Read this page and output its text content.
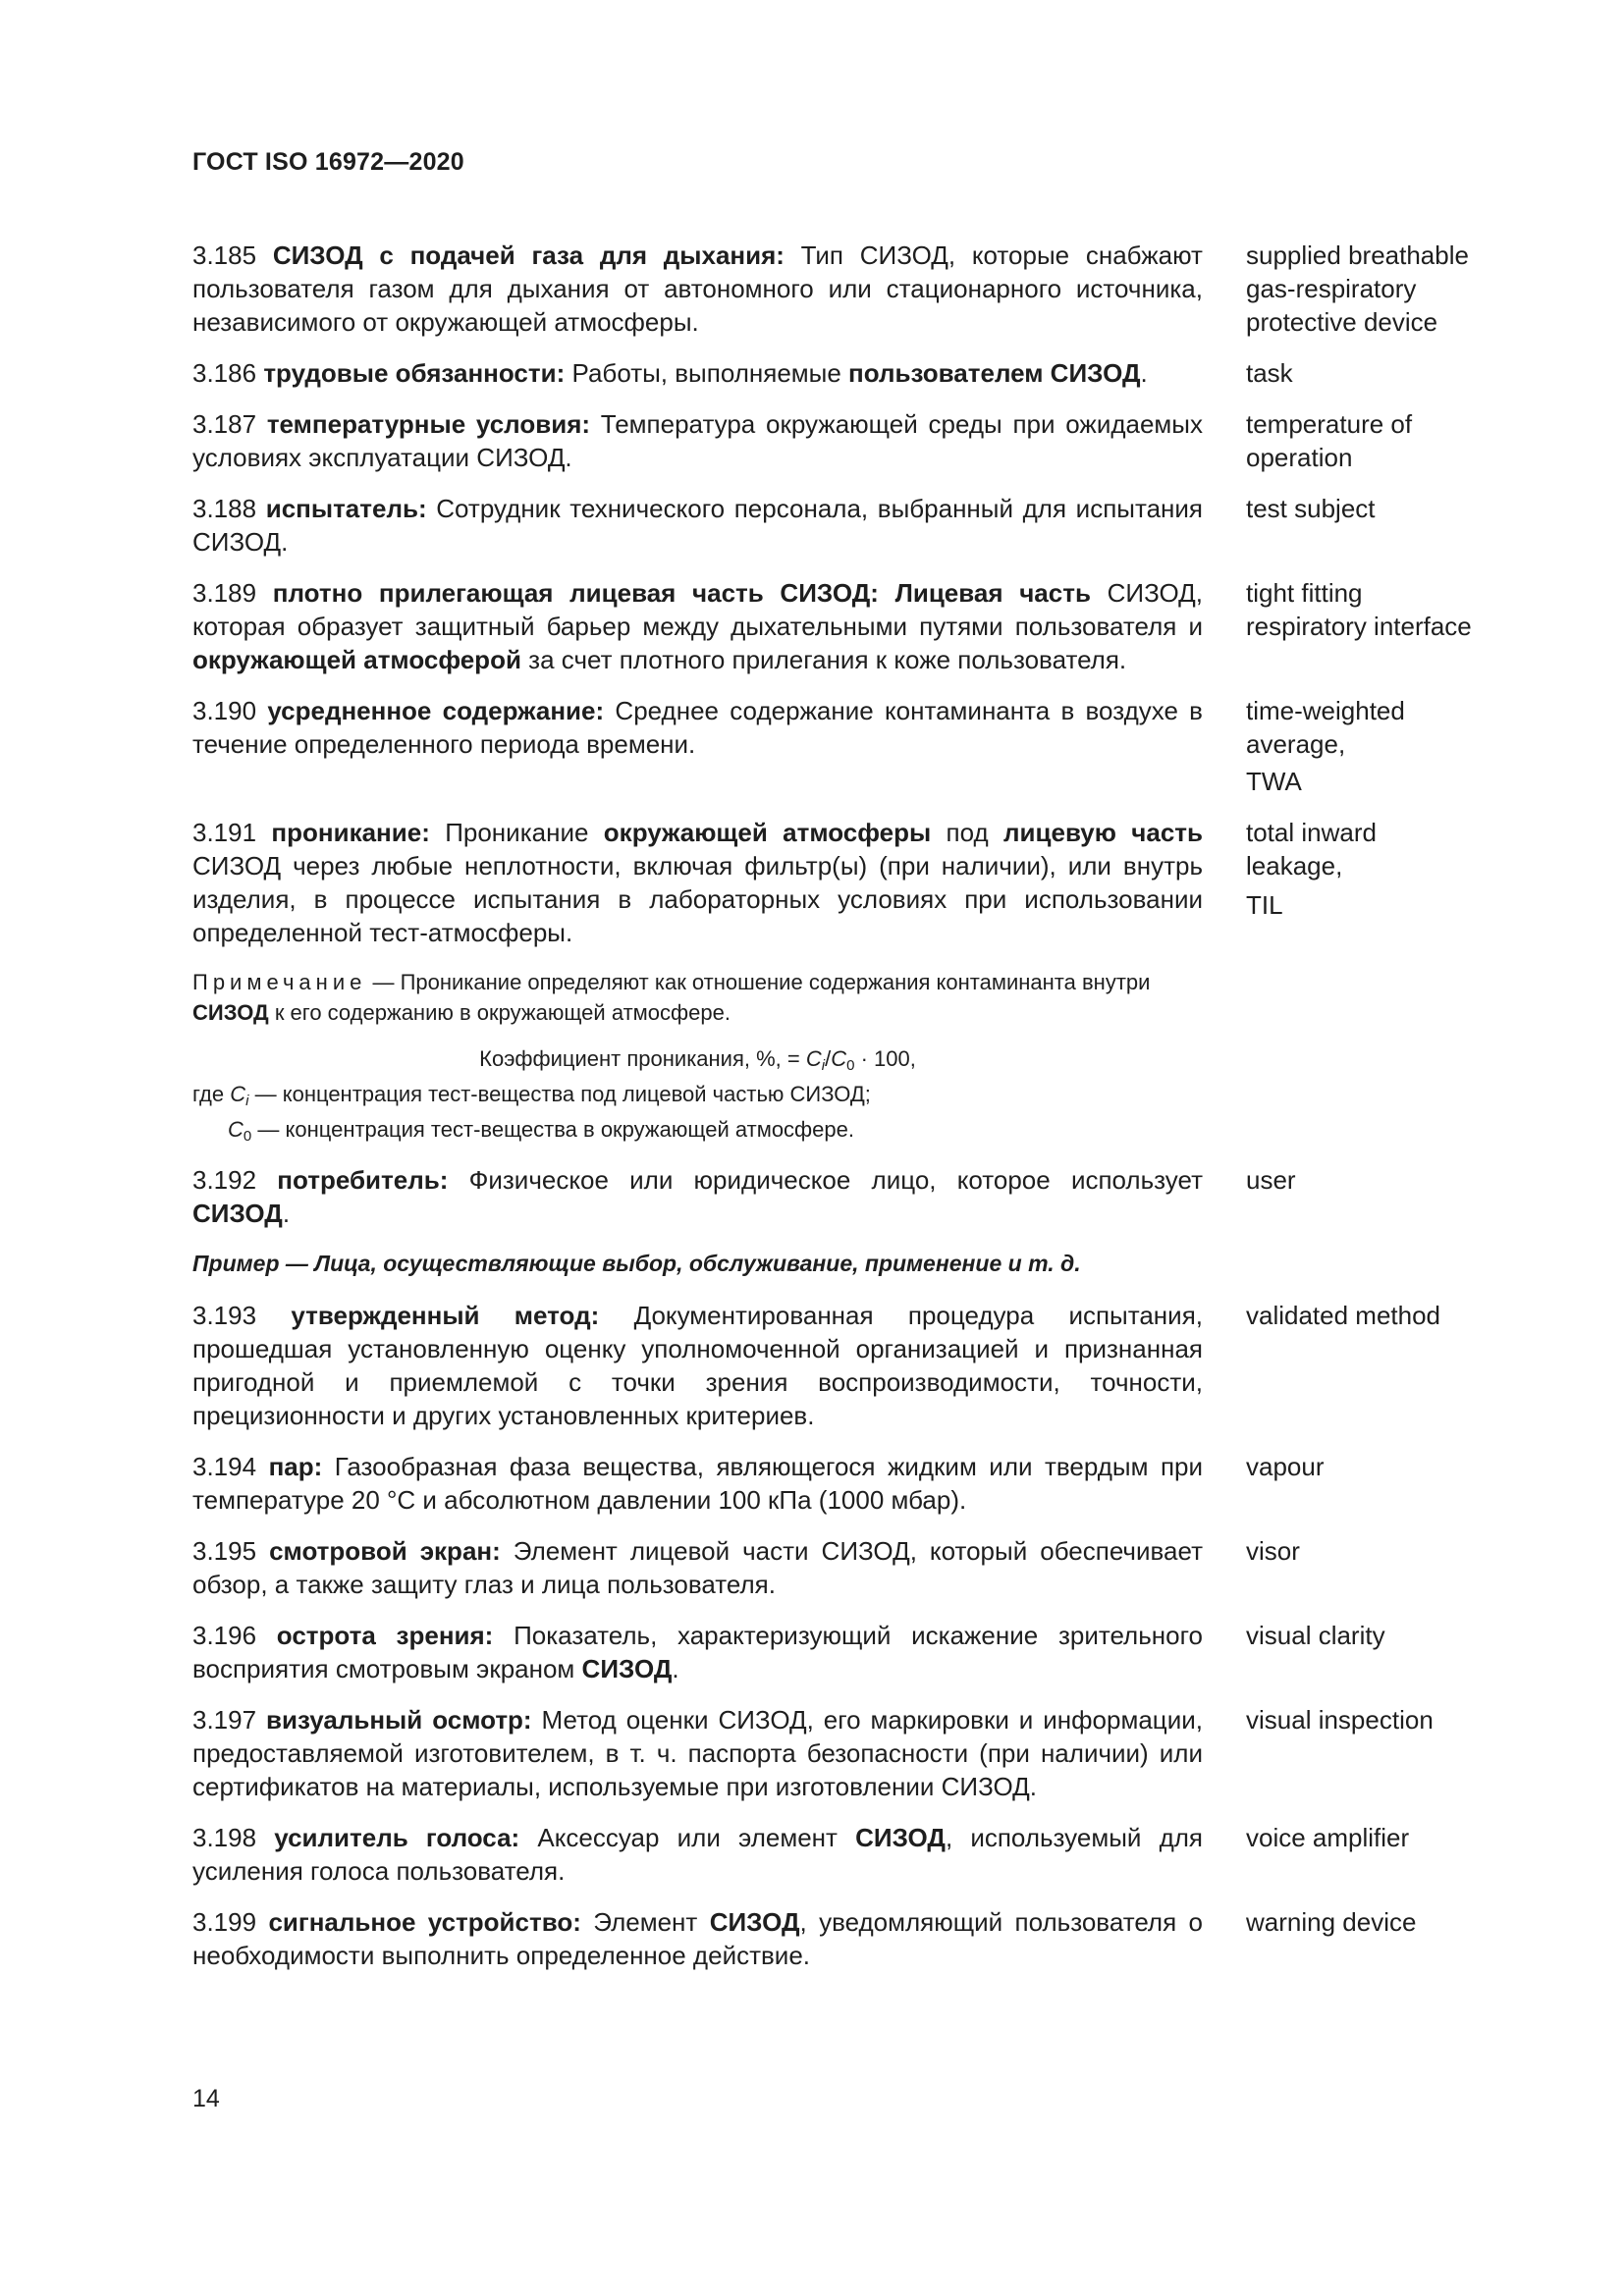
ГОСТ ISO 16972—2020
3.185 СИЗОД с подачей газа для дыхания: Тип СИЗОД, которые снабжают пользователя газом для дыхания от автономного или стационарного источника, независимого от окружающей атмосферы.
supplied breathable
gas-respiratory
protective device
3.186 трудовые обязанности: Работы, выполняемые пользователем СИЗОД.	task
3.187 температурные условия: Температура окружающей среды при ожидаемых условиях эксплуатации СИЗОД.
temperature of
operation
3.188 испытатель: Сотрудник технического персонала, выбранный для испытания СИЗОД.
test subject
3.189 плотно прилегающая лицевая часть СИЗОД: Лицевая часть СИЗОД, которая образует защитный барьер между дыхательными путями пользователя и окружающей атмосферой за счет плотного прилегания к коже пользователя.
tight fitting
respiratory interface
3.190 усредненное содержание: Среднее содержание контаминанта в воздухе в течение определенного периода времени.
time-weighted
average,
TWA
3.191 проникание: Проникание окружающей атмосферы под лицевую часть СИЗОД через любые неплотности, включая фильтр(ы) (при наличии), или внутрь изделия, в процессе испытания в лабораторных условиях при использовании определенной тест-атмосферы.
total inward
leakage,
TIL
Примечание — Проникание определяют как отношение содержания контаминанта внутри СИЗОД к его содержанию в окружающей атмосфере.
Коэффициент проникания, %, = $C_i/C_0 \cdot 100$,
где $C_i$ — концентрация тест-вещества под лицевой частью СИЗОД;
$C_0$ — концентрация тест-вещества в окружающей атмосфере.
3.192 потребитель: Физическое или юридическое лицо, которое использует СИЗОД.
user
Пример — Лица, осуществляющие выбор, обслуживание, применение и т. д.
3.193 утвержденный метод: Документированная процедура испытания, прошедшая установленную оценку уполномоченной организацией и признанная пригодной и приемлемой с точки зрения воспроизводимости, точности, прецизионности и других установленных критериев.
validated method
3.194 пар: Газообразная фаза вещества, являющегося жидким или твердым при температуре 20 °С и абсолютном давлении 100 кПа (1000 мбар).
vapour
3.195 смотровой экран: Элемент лицевой части СИЗОД, который обеспечивает обзор, а также защиту глаз и лица пользователя.
visor
3.196 острота зрения: Показатель, характеризующий искажение зрительного восприятия смотровым экраном СИЗОД.
visual clarity
3.197 визуальный осмотр: Метод оценки СИЗОД, его маркировки и информации, предоставляемой изготовителем, в т. ч. паспорта безопасности (при наличии) или сертификатов на материалы, используемые при изготовлении СИЗОД.
visual inspection
3.198 усилитель голоса: Аксессуар или элемент СИЗОД, используемый для усиления голоса пользователя.
voice amplifier
3.199 сигнальное устройство: Элемент СИЗОД, уведомляющий пользователя о необходимости выполнить определенное действие.
warning device
14
